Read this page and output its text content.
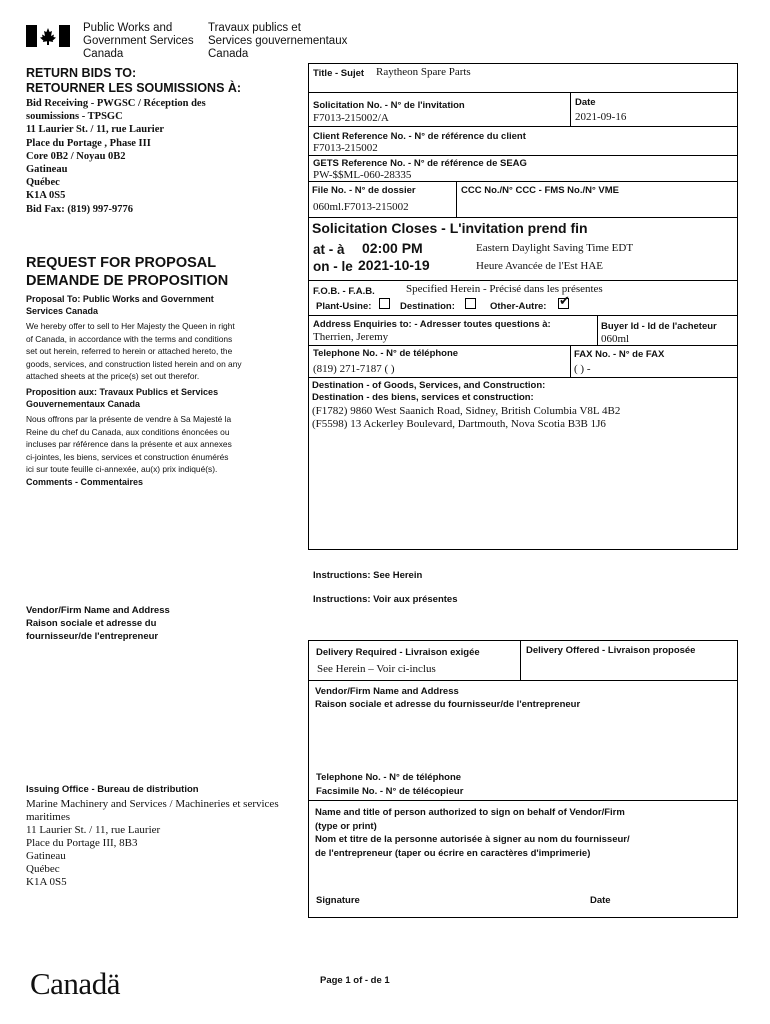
Public Works and
Government Services
Canada
Travaux publics et
Services gouvernementaux
Canada
RETURN BIDS TO:
RETOURNER LES SOUMISSIONS À:
Bid Receiving - PWGSC / Réception des
soumissions - TPSGC
11 Laurier St. / 11, rue Laurier
Place du Portage , Phase III
Core 0B2 / Noyau 0B2
Gatineau
Québec
K1A 0S5
Bid Fax: (819) 997-9776
REQUEST FOR PROPOSAL
DEMANDE DE PROPOSITION
Proposal To: Public Works and Government
Services Canada
We hereby offer to sell to Her Majesty the Queen in right
of Canada, in accordance with the terms and conditions
set out herein, referred to herein or attached hereto, the
goods, services, and construction listed herein and on any
attached sheets at the price(s) set out therefor.
Proposition aux: Travaux Publics et Services
Gouvernementaux Canada
Nous offrons par la présente de vendre à Sa Majesté la
Reine du chef du Canada, aux conditions énoncées ou
incluses par référence dans la présente et aux annexes
ci-jointes, les biens, services et construction énumérés
ici sur toute feuille ci-annexée, au(x) prix indiqué(s).
Comments - Commentaires
Vendor/Firm Name and Address
Raison sociale et adresse du
fournisseur/de l'entrepreneur
Issuing Office - Bureau de distribution
Marine Machinery and Services / Machineries et services
maritimes
11 Laurier St. / 11, rue Laurier
Place du Portage III, 8B3
Gatineau
Québec
K1A 0S5
Canadä	Page 1 of - de 1
Title - Sujet Raytheon Spare Parts
Solicitation No. - N° de l'invitation
F7013-215002/A
Date
2021-09-16
Client Reference No. - N° de référence du client
F7013-215002
GETS Reference No. - N° de référence de SEAG
PW-$$ML-060-28335
File No. - N° de dossier
060ml.F7013-215002
CCC No./N° CCC - FMS No./N° VME
Solicitation Closes - L'invitation prend fin
at - à 02:00 PM
on - le 2021-10-19
Eastern Daylight Saving Time EDT
Heure Avancée de l'Est HAE
F.O.B. - F.A.B.	Specified Herein - Précisé dans les présentes
Plant-Usine:	Destination:	Other-Autre: ✔
Address Enquiries to: - Adresser toutes questions à:
Therrien, Jeremy
Buyer Id - Id de l'acheteur
060ml
Telephone No. - N° de téléphone
(819) 271-7187 ( )
FAX No. - N° de FAX
( ) -
Destination - of Goods, Services, and Construction:
Destination - des biens, services et construction:
(F1782) 9860 West Saanich Road, Sidney, British Columbia V8L 4B2
(F5598) 13 Ackerley Boulevard, Dartmouth, Nova Scotia B3B 1J6
Instructions: See Herein
Instructions: Voir aux présentes
Delivery Required - Livraison exigée
See Herein – Voir ci-inclus
Delivery Offered - Livraison proposée
Vendor/Firm Name and Address
Raison sociale et adresse du fournisseur/de l'entrepreneur
Telephone No. - N° de téléphone
Facsimile No. - N° de télécopieur
Name and title of person authorized to sign on behalf of Vendor/Firm
(type or print)
Nom et titre de la personne autorisée à signer au nom du fournisseur/
de l'entrepreneur (taper ou écrire en caractères d'imprimerie)
Signature	Date
